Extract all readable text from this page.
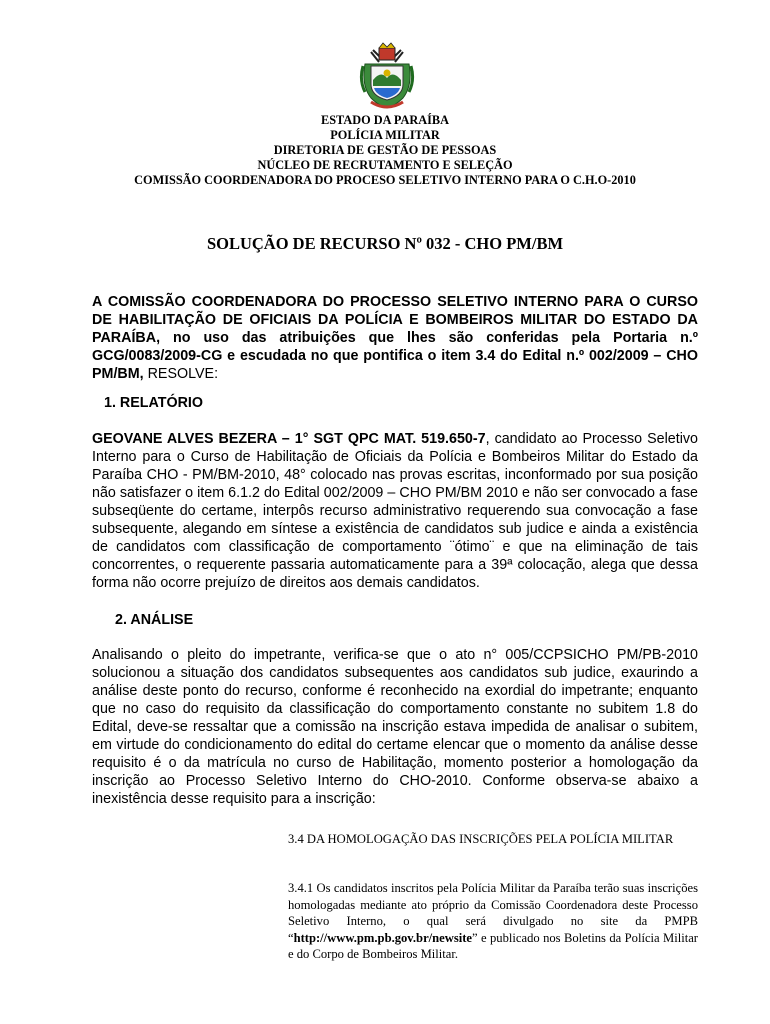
ESTADO DA PARAÍBA
POLÍCIA MILITAR
DIRETORIA DE GESTÃO DE PESSOAS
NÚCLEO DE RECRUTAMENTO E SELEÇÃO
COMISSÃO COORDENADORA DO PROCESO SELETIVO INTERNO PARA O C.H.O-2010
SOLUÇÃO DE RECURSO Nº 032 - CHO PM/BM
A COMISSÃO COORDENADORA DO PROCESSO SELETIVO INTERNO PARA O CURSO DE HABILITAÇÃO DE OFICIAIS DA POLÍCIA E BOMBEIROS MILITAR DO ESTADO DA PARAÍBA, no uso das atribuições que lhes são conferidas pela Portaria n.º GCG/0083/2009-CG e escudada no que pontifica o item 3.4 do Edital n.º 002/2009 – CHO PM/BM, RESOLVE:
1. RELATÓRIO
GEOVANE ALVES BEZERA – 1° SGT QPC MAT. 519.650-7, candidato ao Processo Seletivo Interno para o Curso de Habilitação de Oficiais da Polícia e Bombeiros Militar do Estado da Paraíba CHO - PM/BM-2010, 48° colocado nas provas escritas, inconformado por sua posição não satisfazer o item 6.1.2 do Edital 002/2009 – CHO PM/BM 2010 e não ser convocado a fase subseqüente do certame, interpôs recurso administrativo requerendo sua convocação a fase subsequente, alegando em síntese a existência de candidatos sub judice e ainda a existência de candidatos com classificação de comportamento ¨ótimo¨ e que na eliminação de tais concorrentes, o requerente passaria automaticamente para a 39ª colocação, alega que dessa forma não ocorre prejuízo de direitos aos demais candidatos.
2. ANÁLISE
Analisando o pleito do impetrante, verifica-se que o ato n° 005/CCPSICHO PM/PB-2010 solucionou a situação dos candidatos subsequentes aos candidatos sub judice, exaurindo a análise deste ponto do recurso, conforme é reconhecido na exordial do impetrante; enquanto que no caso do requisito da classificação do comportamento constante no subitem 1.8 do Edital, deve-se ressaltar que a comissão na inscrição estava impedida de analisar o subitem, em virtude do condicionamento do edital do certame elencar que o momento da análise desse requisito é o da matrícula no curso de Habilitação, momento posterior a homologação da inscrição ao Processo Seletivo Interno do CHO-2010. Conforme observa-se abaixo a inexistência desse requisito para a inscrição:
3.4 DA HOMOLOGAÇÃO DAS INSCRIÇÕES PELA POLÍCIA MILITAR
3.4.1 Os candidatos inscritos pela Polícia Militar da Paraíba terão suas inscrições homologadas mediante ato próprio da Comissão Coordenadora deste Processo Seletivo Interno, o qual será divulgado no site da PMPB “http://www.pm.pb.gov.br/newsite” e publicado nos Boletins da Polícia Militar e do Corpo de Bombeiros Militar.
